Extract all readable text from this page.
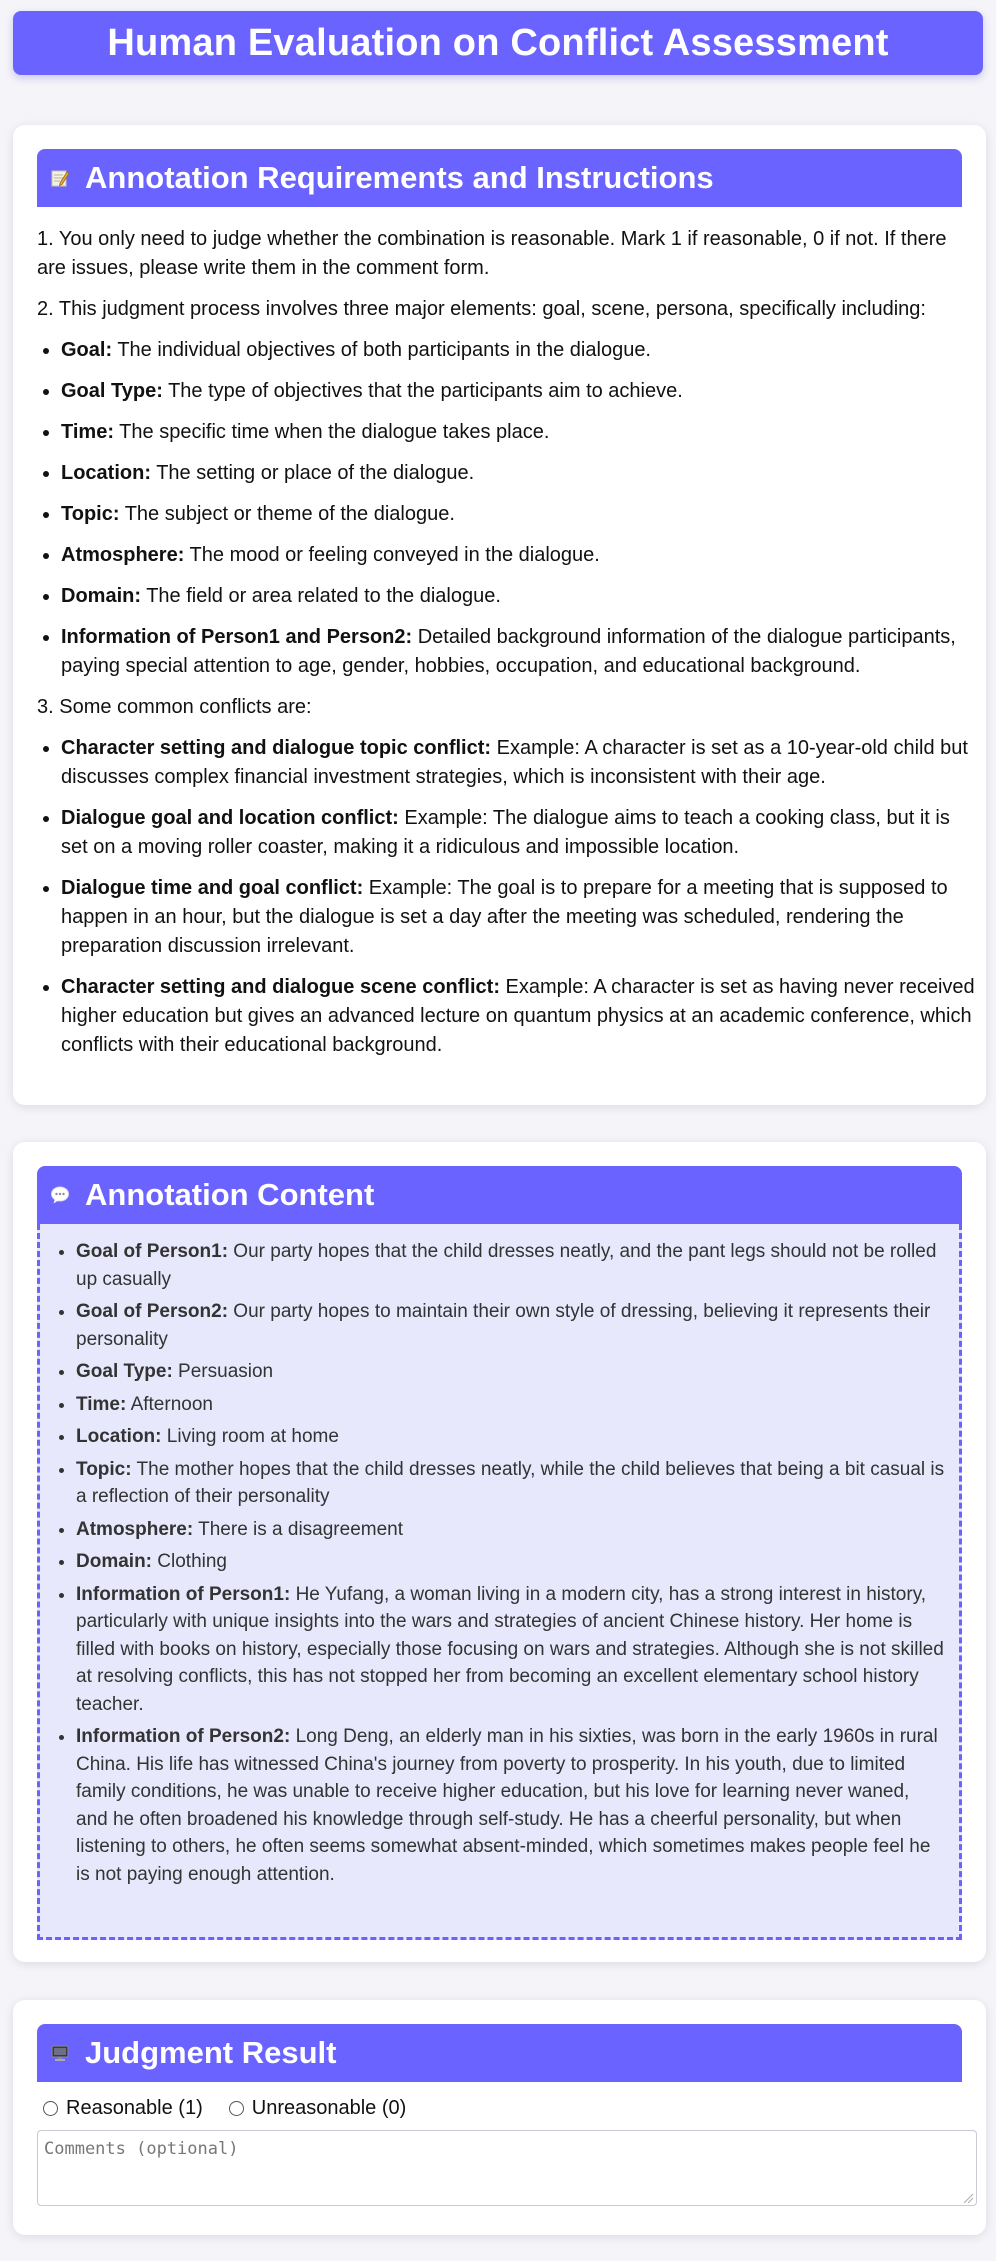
Human Evaluation on Conflict Assessment
Annotation Requirements and Instructions

1. You only need to judge whether the combination is reasonable. Mark 1 if reasonable, 0 if not. If there are issues, please write them in the comment form.

2. This judgment process involves three major elements: goal, scene, persona, specifically including:

• Goal: The individual objectives of both participants in the dialogue.
• Goal Type: The type of objectives that the participants aim to achieve.
• Time: The specific time when the dialogue takes place.
• Location: The setting or place of the dialogue.
• Topic: The subject or theme of the dialogue.
• Atmosphere: The mood or feeling conveyed in the dialogue.
• Domain: The field or area related to the dialogue.
• Information of Person1 and Person2: Detailed background information of the dialogue participants, paying special attention to age, gender, hobbies, occupation, and educational background.

3. Some common conflicts are:

• Character setting and dialogue topic conflict: Example: A character is set as a 10-year-old child but discusses complex financial investment strategies, which is inconsistent with their age.
• Dialogue goal and location conflict: Example: The dialogue aims to teach a cooking class, but it is set on a moving roller coaster, making it a ridiculous and impossible location.
• Dialogue time and goal conflict: Example: The goal is to prepare for a meeting that is supposed to happen in an hour, but the dialogue is set a day after the meeting was scheduled, rendering the preparation discussion irrelevant.
• Character setting and dialogue scene conflict: Example: A character is set as having never received higher education but gives an advanced lecture on quantum physics at an academic conference, which conflicts with their educational background.
Annotation Content
• Goal of Person1: Our party hopes that the child dresses neatly, and the pant legs should not be rolled up casually
• Goal of Person2: Our party hopes to maintain their own style of dressing, believing it represents their personality
• Goal Type: Persuasion
• Time: Afternoon
• Location: Living room at home
• Topic: The mother hopes that the child dresses neatly, while the child believes that being a bit casual is a reflection of their personality
• Atmosphere: There is a disagreement
• Domain: Clothing
• Information of Person1: He Yufang, a woman living in a modern city, has a strong interest in history, particularly with unique insights into the wars and strategies of ancient Chinese history. Her home is filled with books on history, especially those focusing on wars and strategies. Although she is not skilled at resolving conflicts, this has not stopped her from becoming an excellent elementary school history teacher.
• Information of Person2: Long Deng, an elderly man in his sixties, was born in the early 1960s in rural China. His life has witnessed China's journey from poverty to prosperity. In his youth, due to limited family conditions, he was unable to receive higher education, but his love for learning never waned, and he often broadened his knowledge through self-study. He has a cheerful personality, but when listening to others, he often seems somewhat absent-minded, which sometimes makes people feel he is not paying enough attention.
Judgment Result
Reasonable (1) Unreasonable (0)
Comments (optional)
